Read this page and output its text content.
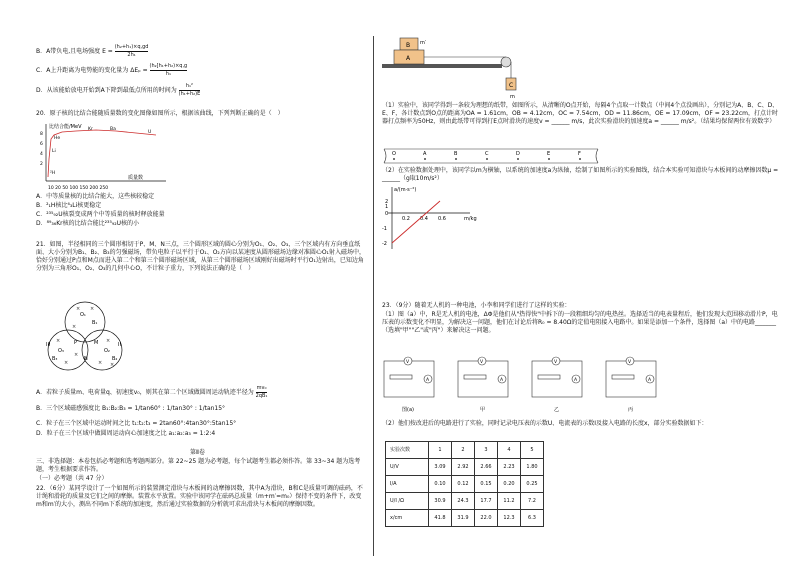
B．A带负电,且电场强度 $E = \frac{\text{(h₂+h₁)×q,gd}}{\text{2h₁}}$
C．A上升距离为电势能的变化量为 $\Delta E_p = \frac{\text{(h₂[h₁+h₂)×q,g}}{\text{h₁}}$
D．从该能始放电开始到A下降到最低点所用的时间为 $\frac{\text{h₁²}}{\text{(h₁+h₂)E}}$
20．原子核的比结合能随质量数的变化图像如图所示，根据该曲线，下列判断正确的是（　）
比结合能/MeV
8
6
4
2
²H
Li
He
Kr	Ba
U
10 20 50 100 150 200 250
质量数
A．中等质量核的比结合能大，这些核较稳定
B．²₁H核比⁶₃Li核更稳定
C．²³⁵₉₂U核裂变成两个中等质量的核时释放能量
D．⁸⁹₃₆Kr核的比结合能比²³⁵₉₂U核的小
21．如图，半径相同的三个圆形相切于P、M、N三点，三个圆形区域的圆心分别为O₁、O₂、O₃，三个区域内有方向垂直纸面、大小分别为B₁、B₂、B₃的匀强磁场，带负电粒子以平行于O₁、O₂方向以某速度从圆形磁场边缘对准圆心O₁射入磁场中，恰好分别通过P点和M点而进入第二个和第三个圆形磁场区域，从第三个圆形磁场区域刚好出磁场时平行O₁边射出，已知边角分别为三角形O₁、O₂、O₃的几何中心O，不计粒子重力，下列说法正确的是（　）
O₁
B₁
O₃	O₂
B₃	B₂
III	II
P	M
N
× ×
×
×
×
×
×
× ×
A．若粒子质量m、电荷量q、初速度v₀，则其在第二个区域做圆周运动轨迹半径为 $\frac{\text{mv₀}}{\text{2qB₁}}$
B．三个区域磁感强度比 B₁:B₂:B₃ = 1/tan60° : 1/tan30° : 1/tan15°
C．粒子在三个区域中运动时间之比 t₁:t₂:t₃ = 2tan60°:4tan30°:5tan15°
D．粒子在三个区域中做圆周运动向心加速度之比 a₁:a₂:a₃ = 1:2:4
第Ⅱ卷
三、非选择题：本卷包括必考题和选考题两部分。第 22~25 题为必考题，每个试题考生都必须作答。第 33~34 题为选考题，考生根据要求作答。
（一）必考题（共 47 分）
22．（6分）某同学设计了一个如图所示的装置测定滑块与木板间的动摩擦因数，其中A为滑块，B和C是质量可调的砝码，不计绳和滑轮的质量及它们之间的摩擦。装置水平放置。实验中该同学在砝码总质量（m+m′=m₀）保持不变的条件下，改变m和m′的大小，测出不同m下系统的加速度，然后通过实验数据的分析就可求出滑块与木板间的摩擦因数。
B m′
A
C
m
（1）实验中，该同学得到一条较为理想的纸带，如图所示，从清晰的O点开始，每隔4个点取一计数点（中间4个点没画出），分别记为A、B、C、D、E、F，各计数点到O点的距离为OA = 1.61cm，OB = 4.12cm，OC = 7.54cm，OD = 11.86cm，OE = 17.09cm，OF = 23.22cm，打点计时器打点频率为50Hz，则由此纸带可得到打E点时滑块的速度v = ______ m/s，此次实验滑块的加速度a = ______ m/s²。（结果均保留两位有效数字）
O	A	B	C	D	E	F
（2）在实验数据处理中，该同学以m为横轴，以系统的加速度a为纵轴，绘制了如图所示的实验图线，结合本实验可知滑块与木板间的动摩擦因数μ = ______（g取10m/s²）
a/(m·s⁻²)
m/kg
2
1
0
-1
-2
0.2 0.4 0.6
23．（9分）随着无人机的一种电池，小李和同学们进行了这样的实验：
（1）图（a）中，R是无人机的电池，ΔΦ是他们从"热得快"中拆下的一段粗细均匀的电热丝。选择适当的电表量程后，他们发现大范围移动滑片P，电压表的示数变化不明显，为解决这一问题，他们在讨论后将R₀ = 8.40Ω的定值电阻接入电路中。如果是添加一个条件，选择图（a）中的电路_______（选填"甲""乙"或"丙"）来解决这一问题。
V
A
V
A
V
A
V
A
图(a)	甲	乙	丙
（2）他们按改进后的电路进行了实验，同时记录电压表的示数U、电流表的示数I及接入电路的长度x，部分实验数据如下：
实验次数	1	2	3	4	5
U/V	3.09	2.92	2.66	2.23	1.80
I/A	0.10	0.12	0.15	0.20	0.25
U/I /Ω	30.9	24.3	17.7	11.2	7.2
x/cm	41.8	31.9	22.0	12.3	6.3
